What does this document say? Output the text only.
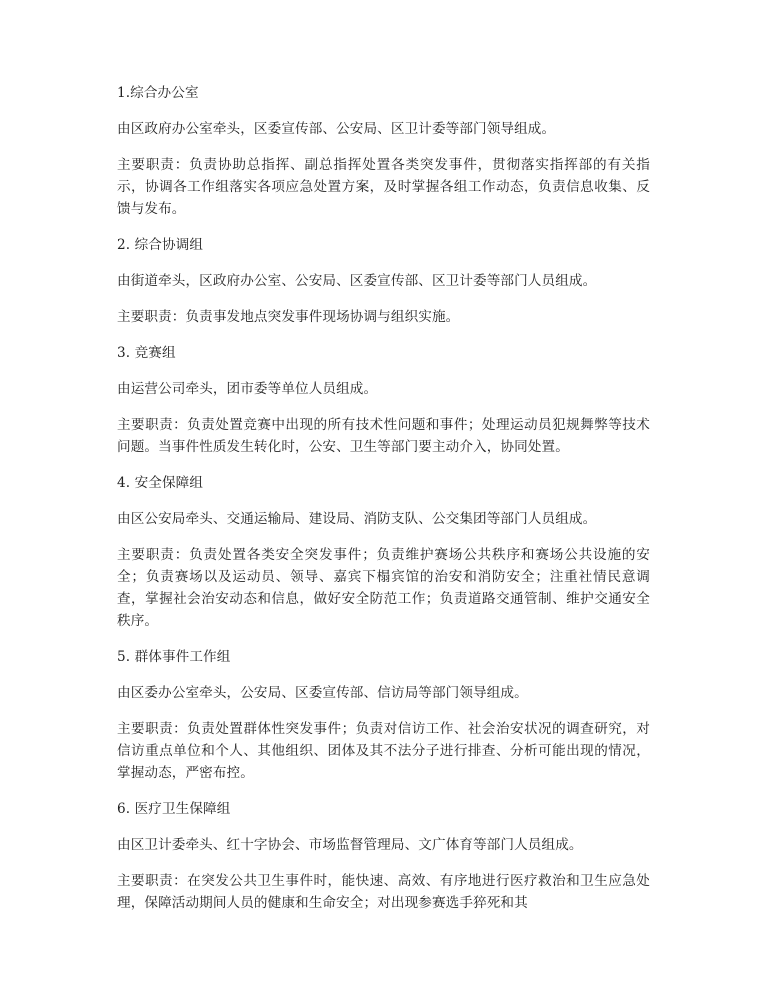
1.综合办公室

由区政府办公室牵头，区委宣传部、公安局、区卫计委等部门领导组成。

主要职责：负责协助总指挥、副总指挥处置各类突发事件，贯彻落实指挥部的有关指示，协调各工作组落实各项应急处置方案，及时掌握各组工作动态，负责信息收集、反馈与发布。

2. 综合协调组

由街道牵头，区政府办公室、公安局、区委宣传部、区卫计委等部门人员组成。

主要职责：负责事发地点突发事件现场协调与组织实施。

3. 竞赛组

由运营公司牵头，团市委等单位人员组成。

主要职责：负责处置竞赛中出现的所有技术性问题和事件；处理运动员犯规舞弊等技术问题。当事件性质发生转化时，公安、卫生等部门要主动介入，协同处置。

4. 安全保障组

由区公安局牵头、交通运输局、建设局、消防支队、公交集团等部门人员组成。

主要职责：负责处置各类安全突发事件；负责维护赛场公共秩序和赛场公共设施的安全；负责赛场以及运动员、领导、嘉宾下榻宾馆的治安和消防安全；注重社情民意调查，掌握社会治安动态和信息，做好安全防范工作；负责道路交通管制、维护交通安全秩序。

5. 群体事件工作组

由区委办公室牵头，公安局、区委宣传部、信访局等部门领导组成。

主要职责：负责处置群体性突发事件；负责对信访工作、社会治安状况的调查研究，对信访重点单位和个人、其他组织、团体及其不法分子进行排查、分析可能出现的情况，掌握动态，严密布控。

6. 医疗卫生保障组

由区卫计委牵头、红十字协会、市场监督管理局、文广体育等部门人员组成。

主要职责：在突发公共卫生事件时，能快速、高效、有序地进行医疗救治和卫生应急处理，保障活动期间人员的健康和生命安全；对出现参赛选手猝死和其
